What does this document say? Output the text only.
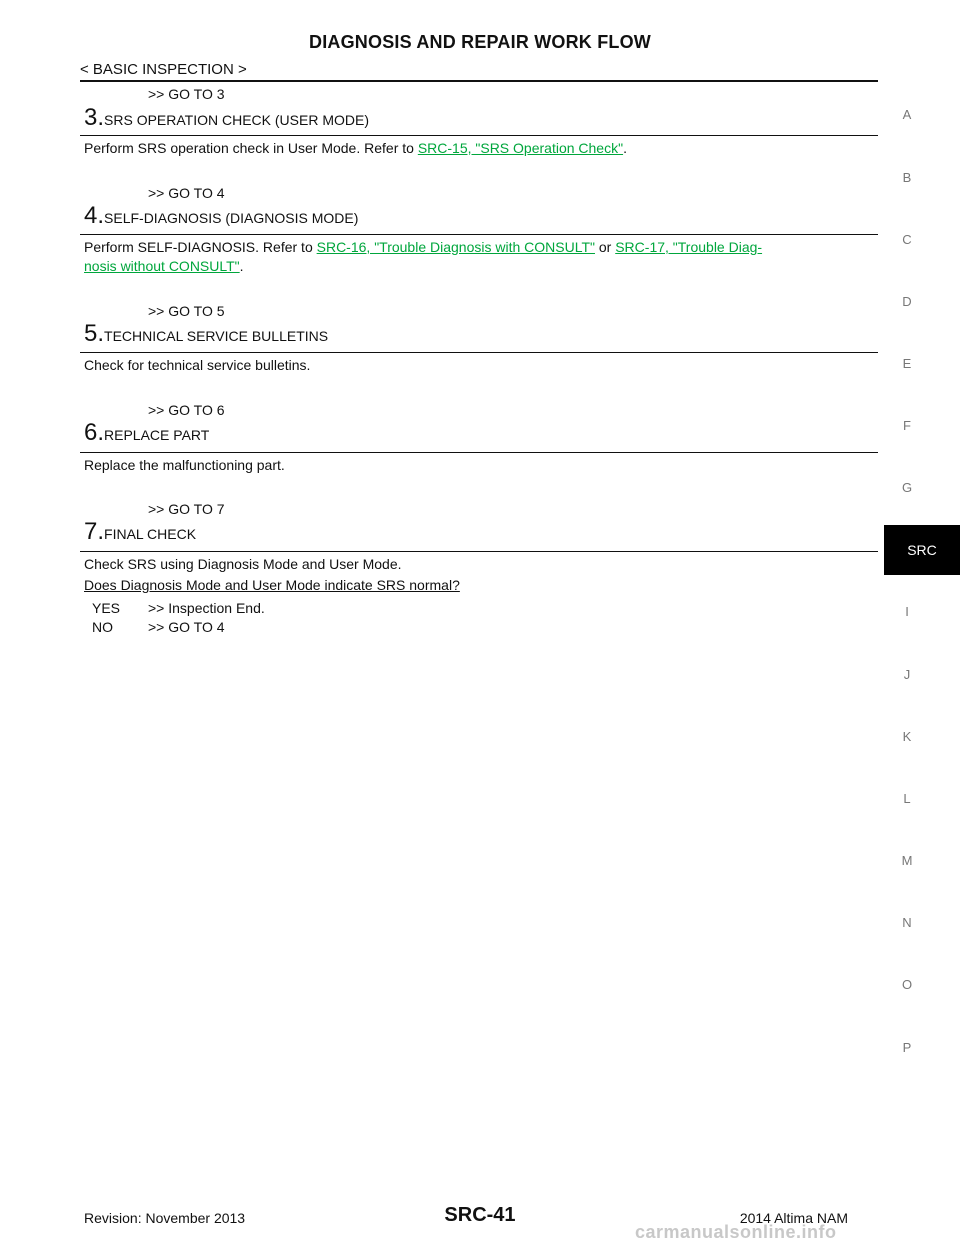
DIAGNOSIS AND REPAIR WORK FLOW
< BASIC INSPECTION >
>> GO TO 3
3.SRS OPERATION CHECK (USER MODE)
Perform SRS operation check in User Mode. Refer to SRC-15, "SRS Operation Check".
>> GO TO 4
4.SELF-DIAGNOSIS (DIAGNOSIS MODE)
Perform SELF-DIAGNOSIS. Refer to SRC-16, "Trouble Diagnosis with CONSULT" or SRC-17, "Trouble Diag-
nosis without CONSULT".
>> GO TO 5
5.TECHNICAL SERVICE BULLETINS
Check for technical service bulletins.
>> GO TO 6
6.REPLACE PART
Replace the malfunctioning part.
>> GO TO 7
7.FINAL CHECK
Check SRS using Diagnosis Mode and User Mode.
Does Diagnosis Mode and User Mode indicate SRS normal?
YES >> Inspection End.
NO	>> GO TO 4
A
B
C
D
E
F
G
SRC
I
J
K
L
M
N
O
P
Revision: November 2013	SRC-41	2014 Altima NAM
carmanualsonline.info
